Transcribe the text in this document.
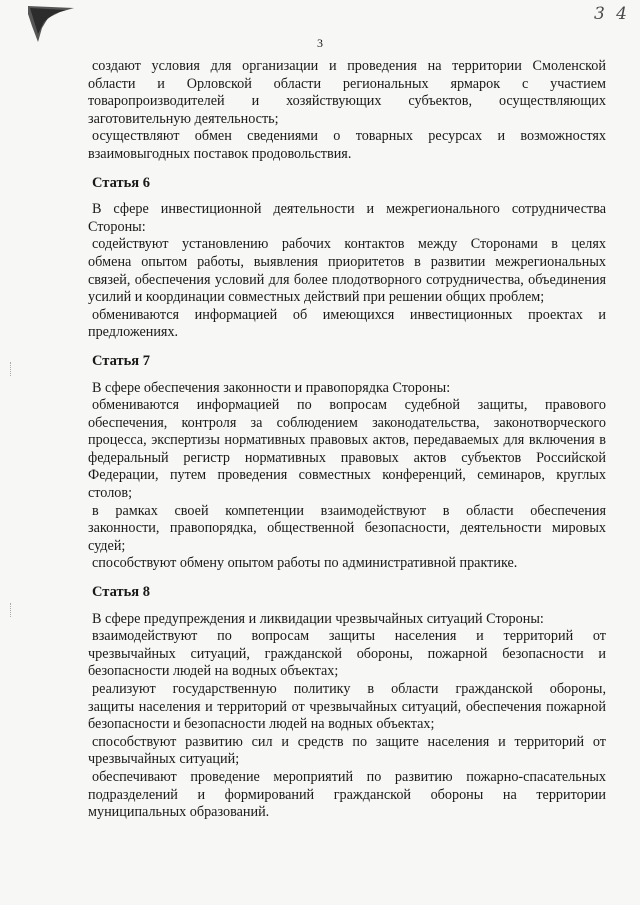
3 4
3
создают условия для организации и проведения на территории Смоленской
области и Орловской области региональных ярмарок с участием
товаропроизводителей и хозяйствующих субъектов, осуществляющих
заготовительную деятельность;
осуществляют обмен сведениями о товарных ресурсах и возможностях
взаимовыгодных поставок продовольствия.
Статья 6
В сфере инвестиционной деятельности и межрегионального сотрудничества
Стороны:
содействуют установлению рабочих контактов между Сторонами в целях
обмена опытом работы, выявления приоритетов в развитии межрегиональных
связей, обеспечения условий для более плодотворного сотрудничества, объединения
усилий и координации совместных действий при решении общих проблем;
обмениваются информацией об имеющихся инвестиционных проектах и
предложениях.
Статья 7
В сфере обеспечения законности и правопорядка Стороны:
обмениваются информацией по вопросам судебной защиты, правового
обеспечения, контроля за соблюдением законодательства, законотворческого
процесса, экспертизы нормативных правовых актов, передаваемых для включения в
федеральный регистр нормативных правовых актов субъектов Российской
Федерации, путем проведения совместных конференций, семинаров, круглых
столов;
в рамках своей компетенции взаимодействуют в области обеспечения
законности, правопорядка, общественной безопасности, деятельности мировых
судей;
способствуют обмену опытом работы по административной практике.
Статья 8
В сфере предупреждения и ликвидации чрезвычайных ситуаций Стороны:
взаимодействуют по вопросам защиты населения и территорий от
чрезвычайных ситуаций, гражданской обороны, пожарной безопасности и
безопасности людей на водных объектах;
реализуют государственную политику в области гражданской обороны,
защиты населения и территорий от чрезвычайных ситуаций, обеспечения пожарной
безопасности и безопасности людей на водных объектах;
способствуют развитию сил и средств по защите населения и территорий от
чрезвычайных ситуаций;
обеспечивают проведение мероприятий по развитию пожарно-спасательных
подразделений и формирований гражданской обороны на территории
муниципальных образований.
